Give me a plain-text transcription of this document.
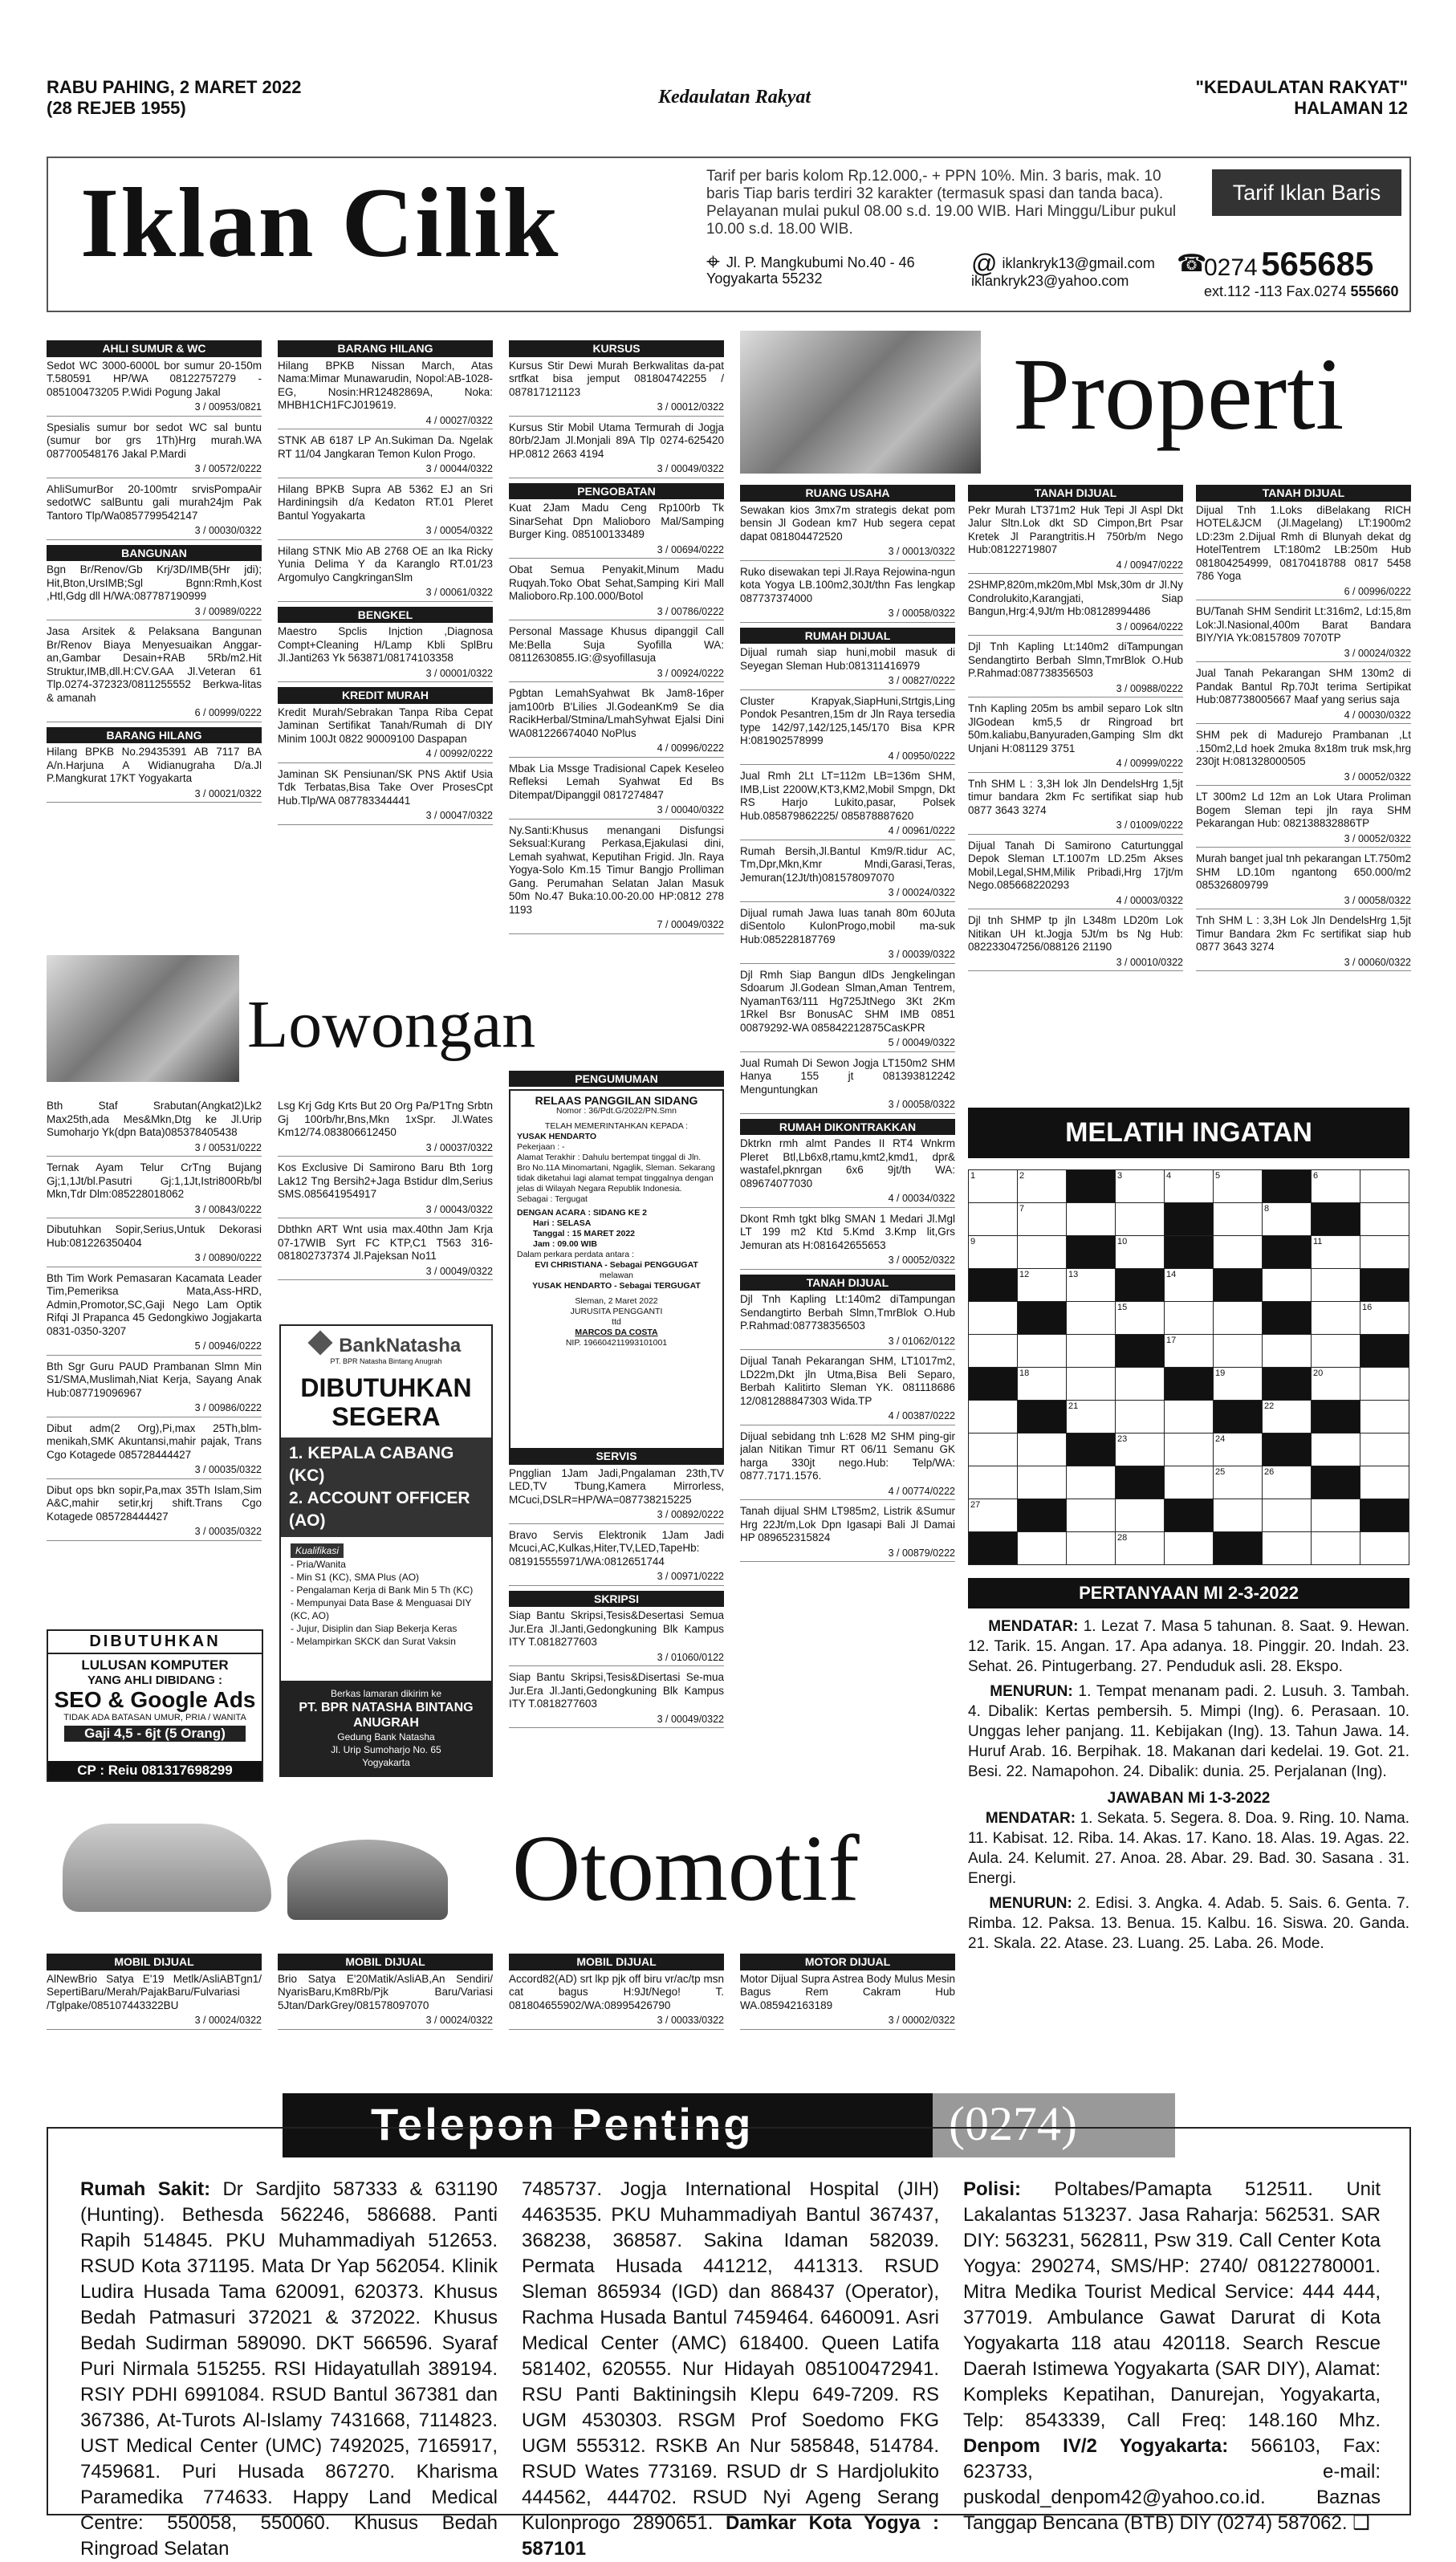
RABU PAHING, 2 MARET 2022
(28 REJEB 1955)
Kedaulatan Rakyat	"KEDAULATAN RAKYAT"
HALAMAN 12
Iklan Cilik	Tarif per baris kolom Rp.12.000,- + PPN 10%. Min. 3 baris, mak. 10 baris Tiap baris terdiri 32 karakter (termasuk spasi dan tanda baca). Pelayanan mulai pukul 08.00 s.d. 19.00 WIB. Hari Minggu/Libur pukul 10.00 s.d. 18.00 WIB.
Tarif Iklan Baris
⌖ Jl. P. Mangkubumi No.40 - 46 Yogyakarta 55232
@ iklankryk13@gmail.com
iklankryk23@yahoo.com
☎
0274 565685
ext.112 -113 Fax.0274 555660
AHLI SUMUR & WC
Sedot WC 3000-6000L bor sumur 20-150m T.580591 HP/WA 08122757279 - 085100473205 P.Widi Pogung Jakal
3 / 00953/0821
Spesialis sumur bor sedot WC sal buntu (sumur bor grs 1Th)Hrg murah.WA 087700548176 Jakal P.Mardi
3 / 00572/0222
AhliSumurBor 20-100mtr srvisPompaAir sedotWC salBuntu gali murah24jm Pak Tantoro Tlp/Wa0857799542147
3 / 00030/0322
BANGUNAN
Bgn Br/Renov/Gb Krj/3D/IMB(5Hr jdi); Hit,Bton,UrsIMB;Sgl Bgnn:Rmh,Kost ,Htl,Gdg dll H/WA:087787190999
3 / 00989/0222
Jasa Arsitek & Pelaksana Bangunan Br/Renov Biaya Menyesuaikan Anggar-an,Gambar Desain+RAB 5Rb/m2.Hit Struktur,IMB,dll.H:CV.GAA Jl.Veteran 61 Tlp.0274-372323/0811255552 Berkwa-litas & amanah
6 / 00999/0222
BARANG HILANG
Hilang BPKB No.29435391 AB 7117 BA A/n.Harjuna A Widianugraha D/a.Jl P.Mangkurat 17KT Yogyakarta
3 / 00021/0322
BARANG HILANG
Hilang BPKB Nissan March, Atas Nama:Mimar Munawarudin, Nopol:AB-1028-EG, Nosin:HR12482869A, Noka: MHBH1CH1FCJ019619.
4 / 00027/0322
STNK AB 6187 LP An.Sukiman Da. Ngelak RT 11/04 Jangkaran Temon Kulon Progo.
3 / 00044/0322
Hilang BPKB Supra AB 5362 EJ an Sri Hardiningsih d/a Kedaton RT.01 Pleret Bantul Yogyakarta
3 / 00054/0322
Hilang STNK Mio AB 2768 OE an Ika Ricky Yunia Delima Y da Karanglo RT.01/23 Argomulyo CangkringanSlm
3 / 00061/0322
BENGKEL
Maestro Spclis Injction ,Diagnosa Compt+Cleaning H/Lamp Kbli SplBru Jl.Janti263 Yk 563871/08174103358
3 / 00001/0322
KREDIT MURAH
Kredit Murah/Sebrakan Tanpa Riba Cepat Jaminan Sertifikat Tanah/Rumah di DIY Minim 100Jt 0822 90009100 Daspapan
4 / 00992/0222
Jaminan SK Pensiunan/SK PNS Aktif Usia Tdk Terbatas,Bisa Take Over ProsesCpt Hub.Tlp/WA 087783344441
3 / 00047/0322
KURSUS
Kursus Stir Dewi Murah Berkwalitas da-pat srtfkat bisa jemput 081804742255 / 087817121123
3 / 00012/0322
Kursus Stir Mobil Utama Termurah di Jogja 80rb/2Jam Jl.Monjali 89A Tlp 0274-625420 HP.0812 2663 4194
3 / 00049/0322
PENGOBATAN
Kuat 2Jam Madu Ceng Rp100rb Tk SinarSehat Dpn Malioboro Mal/Samping Burger King. 085100133489
3 / 00694/0222
Obat Semua Penyakit,Minum Madu Ruqyah.Toko Obat Sehat,Samping Kiri Mall Malioboro.Rp.100.000/Botol
3 / 00786/0222
Personal Massage Khusus dipanggil Call Me:Bella Suja Syofilla WA: 08112630855.IG:@syofillasuja
3 / 00924/0222
Pgbtan LemahSyahwat Bk Jam8-16per jam100rb B'Lilies Jl.GodeanKm9 Se dia RacikHerbal/Stmina/LmahSyhwat Ejalsi Dini WA081226674040 NoPlus
4 / 00996/0222
Mbak Lia Mssge Tradisional Capek Keseleo Refleksi Lemah Syahwat Ed Bs Ditempat/Dipanggil 0817274847
3 / 00040/0322
Ny.Santi:Khusus menangani Disfungsi Seksual:Kurang Perkasa,Ejakulasi dini, Lemah syahwat, Keputihan Frigid. Jln. Raya Yogya-Solo Km.15 Timur Bangjo Prolliman Gang. Perumahan Selatan Jalan Masuk 50m No.47 Buka:10.00-20.00 HP:0812 278 1193
7 / 00049/0322
Properti
RUANG USAHA
Sewakan kios 3mx7m strategis dekat pom bensin Jl Godean km7 Hub segera cepat dapat 081804472520
3 / 00013/0322
Ruko disewakan tepi Jl.Raya Rejowina-ngun kota Yogya LB.100m2,30Jt/thn Fas lengkap 087737374000
3 / 00058/0322
RUMAH DIJUAL
Dijual rumah siap huni,mobil masuk di Seyegan Sleman Hub:081311416979
3 / 00827/0222
Cluster Krapyak,SiapHuni,Strtgis,Ling Pondok Pesantren,15m dr Jln Raya tersedia type 142/97,142/125,145/170 Bisa KPR H:081902578999
4 / 00950/0222
Jual Rmh 2Lt LT=112m LB=136m SHM, IMB,List 2200W,KT3,KM2,Mobil Smpgn, Dkt RS Harjo Lukito,pasar, Polsek Hub.085879862225/ 085878887620
4 / 00961/0222
Rumah Bersih,Jl.Bantul Km9/R.tidur AC, Tm,Dpr,Mkn,Kmr Mndi,Garasi,Teras, Jemuran(12Jt/th)081578097070
3 / 00024/0322
Dijual rumah Jawa luas tanah 80m 60Juta diSentolo KulonProgo,mobil ma-suk Hub:085228187769
3 / 00039/0322
Djl Rmh Siap Bangun dlDs Jengkelingan Sdoarum Jl.Godean Slman,Aman Tentrem, NyamanT63/111 Hg725JtNego 3Kt 2Km 1Rkel Bsr BonusAC SHM IMB 0851 00879292-WA 085842212875CasKPR
5 / 00049/0322
Jual Rumah Di Sewon Jogja LT150m2 SHM Hanya 155 jt 081393812242 Menguntungkan
3 / 00058/0322
RUMAH DIKONTRAKKAN
Dktrkn rmh almt Pandes II RT4 Wnkrm Pleret Btl,Lb6x8,rtamu,kmt2,kmd1, dpr& wastafel,pknrgan 6x6 9jt/th WA: 089674077030
4 / 00034/0322
Dkont Rmh tgkt blkg SMAN 1 Medari Jl.Mgl LT 199 m2 Ktd 5.Kmd 3.Kmp lit,Grs Jemuran ats H:081642655653
3 / 00052/0322
TANAH DIJUAL
Djl Tnh Kapling Lt:140m2 diTampungan Sendangtirto Berbah Slmn,TmrBlok O.Hub P.Rahmad:087738356503
3 / 01062/0122
Dijual Tanah Pekarangan SHM, LT1017m2, LD22m,Dkt jln Utma,Bisa Beli Separo, Berbah Kalitirto Sleman YK. 081118686 12/081288847303 Wida.TP
4 / 00387/0222
Dijual sebidang tnh L:628 M2 SHM ping-gir jalan Nitikan Timur RT 06/11 Semanu GK harga 330jt nego.Hub: Telp/WA: 0877.7171.1576.
4 / 00774/0222
Tanah dijual SHM LT985m2, Listrik &Sumur Hrg 22Jt/m,Lok Dpn Igasapi Bali Jl Damai HP 089652315824
3 / 00879/0222
TANAH DIJUAL
Pekr Murah LT371m2 Huk Tepi Jl Aspl Dkt Jalur Sltn.Lok dkt SD Cimpon,Brt Psar Kretek Jl Parangtritis.H 750rb/m Nego Hub:08122719807
4 / 00947/0222
2SHMP,820m,mk20m,Mbl Msk,30m dr Jl.Ny Condrolukito,Karangjati, Siap Bangun,Hrg:4,9Jt/m Hb:08128994486
3 / 00964/0222
Djl Tnh Kapling Lt:140m2 diTampungan Sendangtirto Berbah Slmn,TmrBlok O.Hub P.Rahmad:087738356503
3 / 00988/0222
Tnh Kapling 205m bs ambil separo Lok sltn JlGodean km5,5 dr Ringroad brt 50m.kaliabu,Banyuraden,Gamping Slm dkt Unjani H:081129 3751
4 / 00999/0222
Tnh SHM L : 3,3H lok Jln DendelsHrg 1,5jt timur bandara 2km Fc sertifikat siap hub 0877 3643 3274
3 / 01009/0222
Dijual Tanah Di Samirono Caturtunggal Depok Sleman LT.1007m LD.25m Akses Mobil,Legal,SHM,Milik Pribadi,Hrg 17jt/m Nego.085668220293
4 / 00003/0322
Djl tnh SHMP tp jln L348m LD20m Lok Nitikan UH kt.Jogja 5Jt/m bs Ng Hub: 082233047256/088126 21190
3 / 00010/0322
TANAH DIJUAL
Dijual Tnh 1.Loks diBelakang RICH HOTEL&JCM (Jl.Magelang) LT:1900m2 LD:23m 2.Dijual Rmh di Blunyah dekat dg HotelTentrem LT:180m2 LB:250m Hub 081804254999, 08170418788 0817 5458 786 Yoga
6 / 00996/0222
BU/Tanah SHM Sendirit Lt:316m2, Ld:15,8m Lok:Jl.Nasional,400m Barat Bandara BIY/YIA Yk:08157809 7070TP
3 / 00024/0322
Jual Tanah Pekarangan SHM 130m2 di Pandak Bantul Rp.70Jt terima Sertipikat Hub:087738005667 Maaf yang serius saja
4 / 00030/0322
SHM pek di Madurejo Prambanan ,Lt .150m2,Ld hoek 2muka 8x18m truk msk,hrg 230jt H:081328000505
3 / 00052/0322
LT 300m2 Ld 12m an Lok Utara Proliman Bogem Sleman tepi jln raya SHM Pekarangan Hub: 082138832886TP
3 / 00052/0322
Murah banget jual tnh pekarangan LT.750m2 SHM LD.10m ngantong 650.000/m2 085326809799
3 / 00058/0322
Tnh SHM L : 3,3H Lok Jln DendelsHrg 1,5jt Timur Bandara 2km Fc sertifikat siap hub 0877 3643 3274
3 / 00060/0322
Lowongan
Bth Staf Srabutan(Angkat2)Lk2 Max25th,ada Mes&Mkn,Dtg ke Jl.Urip Sumoharjo Yk(dpn Bata)085378405438
3 / 00531/0222
Ternak Ayam Telur CrTng Bujang Gj;1,1Jt/bl.Pasutri Gj:1,1Jt,Istri800Rb/bl Mkn,Tdr Dlm:085228018062
3 / 00843/0222
Dibutuhkan Sopir,Serius,Untuk Dekorasi Hub:081226350404
3 / 00890/0222
Bth Tim Work Pemasaran Kacamata Leader Tim,Pemeriksa Mata,Ass-HRD, Admin,Promotor,SC,Gaji Nego Lam Optik Rifqi Jl Prapanca 45 Gedongkiwo Jogjakarta 0831-0350-3207
5 / 00946/0222
Bth Sgr Guru PAUD Prambanan Slmn Min S1/SMA,Muslimah,Niat Kerja, Sayang Anak Hub:087719096967
3 / 00986/0222
Dibut adm(2 Org),Pi,max 25Th,blm-menikah,SMK Akuntansi,mahir pajak, Trans Cgo Kotagede 085728444427
3 / 00035/0322
Dibut ops bkn sopir,Pa,max 35Th Islam,Sim A&C,mahir setir,krj shift.Trans Cgo Kotagede 085728444427
3 / 00035/0322
Lsg Krj Gdg Krts But 20 Org Pa/P1Tng Srbtn Gj 100rb/hr,Bns,Mkn 1xSpr. Jl.Wates Km12/74.083806612450
3 / 00037/0322
Kos Exclusive Di Samirono Baru Bth 1org Lak12 Tng Bersih2+Jaga Bstidur dlm,Serius SMS.085641954917
3 / 00043/0322
Dbthkn ART Wnt usia max.40thn Jam Krja 07-17WIB Syrt FC KTP,C1 T563 316-081802737374 Jl.Pajeksan No11
3 / 00049/0322
DIBUTUHKAN
LULUSAN KOMPUTER
YANG AHLI DIBIDANG :
SEO & Google Ads
TIDAK ADA BATASAN UMUR, PRIA / WANITA
Gaji 4,5 - 6jt (5 Orang)
CP : Reiu 081317698299
BankNatasha
PT. BPR Natasha Bintang Anugrah
DIBUTUHKAN
SEGERA
1. KEPALA CABANG (KC)
2. ACCOUNT OFFICER (AO)
Kualifikasi
- Pria/Wanita
- Min S1 (KC), SMA Plus (AO)
- Pengalaman Kerja di Bank Min 5 Th (KC)
- Mempunyai Data Base & Menguasai DIY (KC, AO)
- Jujur, Disiplin dan Siap Bekerja Keras
- Melampirkan SKCK dan Surat Vaksin
Berkas lamaran dikirim ke
PT. BPR NATASHA BINTANG ANUGRAH
Gedung Bank Natasha
Jl. Urip Sumoharjo No. 65
Yogyakarta
PENGUMUMAN
RELAAS PANGGILAN SIDANG
Nomor : 36/Pdt.G/2022/PN.Smn
TELAH MEMERINTAHKAN KEPADA :
YUSAK HENDARTO
Pekerjaan : -
Alamat Terakhir : Dahulu bertempat tinggal di Jln. Bro No.11A Minomartani, Ngaglik, Sleman. Sekarang tidak diketahui lagi alamat tempat tinggalnya dengan jelas di Wilayah Negara Republik Indonesia.
Sebagai : Tergugat
DENGAN ACARA : SIDANG KE 2
Hari : SELASA
Tanggal : 15 MARET 2022
Jam : 09.00 WIB
Dalam perkara perdata antara :
EVI CHRISTIANA - Sebagai PENGGUGAT
melawan
YUSAK HENDARTO - Sebagai TERGUGAT
Sleman, 2 Maret 2022
JURUSITA PENGGANTI
ttd
MARCOS DA COSTA
NIP. 196604211993101001
SERVIS
Pngglian 1Jam Jadi,Pngalaman 23th,TV LED,TV Tbung,Kamera Mirrorless, MCuci,DSLR=HP/WA=087738215225
3 / 00892/0222
Bravo Servis Elektronik 1Jam Jadi Mcuci,AC,Kulkas,Hiter,TV,LED,TapeHb: 081915555971/WA:0812651744
3 / 00971/0222
SKRIPSI
Siap Bantu Skripsi,Tesis&Desertasi Semua Jur.Era Jl.Janti,Gedongkuning Blk Kampus ITY T.0818277603
3 / 01060/0122
Siap Bantu Skripsi,Tesis&Disertasi Se-mua Jur.Era Jl.Janti,Gedongkuning Blk Kampus ITY T.0818277603
3 / 00049/0322
MELATIH INGATAN
1	2		3	4	5		6	
	7					8		
9			10				11	
	12	13		14				
			15					16
				17				
	18				19		20	
		21				22		
			23		24			
					25	26		
27								
			28					
PERTANYAAN MI 2-3-2022
MENDATAR: 1. Lezat 7. Masa 5 tahunan. 8. Saat. 9. Hewan. 12. Tarik. 15. Angan. 17. Apa adanya. 18. Pinggir. 20. Indah. 23. Sehat. 26. Pintugerbang. 27. Penduduk asli. 28. Ekspo.
MENURUN: 1. Tempat menanam padi. 2. Lusuh. 3. Tambah. 4. Dibalik: Kertas pembersih. 5. Mimpi (Ing). 6. Perasaan. 10. Unggas leher panjang. 11. Kebijakan (Ing). 13. Tahun Jawa. 14. Huruf Arab. 16. Berpihak. 18. Makanan dari kedelai. 19. Got. 21. Besi. 22. Namapohon. 24. Dibalik: dunia. 25. Perjalanan (Ing).
JAWABAN Mi 1-3-2022
MENDATAR: 1. Sekata. 5. Segera. 8. Doa. 9. Ring. 10. Nama. 11. Kabisat. 12. Riba. 14. Akas. 17. Kano. 18. Alas. 19. Agas. 22. Aula. 24. Kelumit. 27. Anoa. 28. Abar. 29. Bad. 30. Sasana . 31. Energi.
MENURUN: 2. Edisi. 3. Angka. 4. Adab. 5. Sais. 6. Genta. 7. Rimba. 12. Paksa. 13. Benua. 15. Kalbu. 16. Siswa. 20. Ganda. 21. Skala. 22. Atase. 23. Luang. 25. Laba. 26. Mode.
Otomotif
MOBIL DIJUAL
AlNewBrio Satya E'19 Metlk/AsliABTgn1/ SepertiBaru/Merah/PajakBaru/Fulvariasi /Tglpake/085107443322BU
3 / 00024/0322
MOBIL DIJUAL
Brio Satya E'20Matik/AsliAB,An Sendiri/ NyarisBaru,Km8Rb/Pjk Baru/Variasi 5Jtan/DarkGrey/081578097070
3 / 00024/0322
MOBIL DIJUAL
Accord82(AD) srt lkp pjk off biru vr/ac/tp msn cat bagus H:9Jt/Nego! T. 081804655902/WA:08995426790
3 / 00033/0322
MOTOR DIJUAL
Motor Dijual Supra Astrea Body Mulus Mesin Bagus Rem Cakram Hub WA.085942163189
3 / 00002/0322
Telepon Penting	(0274)
Rumah Sakit: Dr Sardjito 587333 & 631190 (Hunting). Bethesda 562246, 586688. Panti Rapih 514845. PKU Muhammadiyah 512653. RSUD Kota 371195. Mata Dr Yap 562054. Klinik Ludira Husada Tama 620091, 620373. Khusus Bedah Patmasuri 372021 & 372022. Khusus Bedah Sudirman 589090. DKT 566596. Syaraf Puri Nirmala 515255. RSI Hidayatullah 389194. RSIY PDHI 6991084. RSUD Bantul 367381 dan 367386, At-Turots Al-Islamy 7431668, 7114823. UST Medical Center (UMC) 7492025, 7165917, 7459681. Puri Husada 867270. Kharisma Paramedika 774633. Happy Land Medical Centre: 550058, 550060. Khusus Bedah Ringroad Selatan
7485737. Jogja International Hospital (JIH) 4463535. PKU Muhammadiyah Bantul 367437, 368238, 368587. Sakina Idaman 582039. Permata Husada 441212, 441313. RSUD Sleman 865934 (IGD) dan 868437 (Operator), Rachma Husada Bantul 7459464. 6460091. Asri Medical Center (AMC) 618400. Queen Latifa 581402, 620555. Nur Hidayah 085100472941. RSU Panti Baktiningsih Klepu 649-7209. RS UGM 4530303. RSGM Prof Soedomo FKG UGM 555312. RSKB An Nur 585848, 514784. RSUD Wates 773169. RSUD dr S Hardjolukito 444562, 444702. RSUD Nyi Ageng Serang Kulonprogo 2890651. Damkar Kota Yogya : 587101
Polisi: Poltabes/Pamapta 512511. Unit Lakalantas 513237. Jasa Raharja: 562531. SAR DIY: 563231, 562811, Psw 319. Call Center Kota Yogya: 290274, SMS/HP: 2740/ 08122780001. Mitra Medika Tourist Medical Service: 444 444, 377019. Ambulance Gawat Darurat di Kota Yogyakarta 118 atau 420118. Search Rescue Daerah Istimewa Yogyakarta (SAR DIY), Alamat: Kompleks Kepatihan, Danurejan, Yogyakarta, Telp: 8543339, Call Freq: 148.160 Mhz. Denpom IV/2 Yogyakarta: 566103, Fax: 623733, e-mail: puskodal_denpom42@yahoo.co.id. Baznas Tanggap Bencana (BTB) DIY (0274) 587062. ❑
